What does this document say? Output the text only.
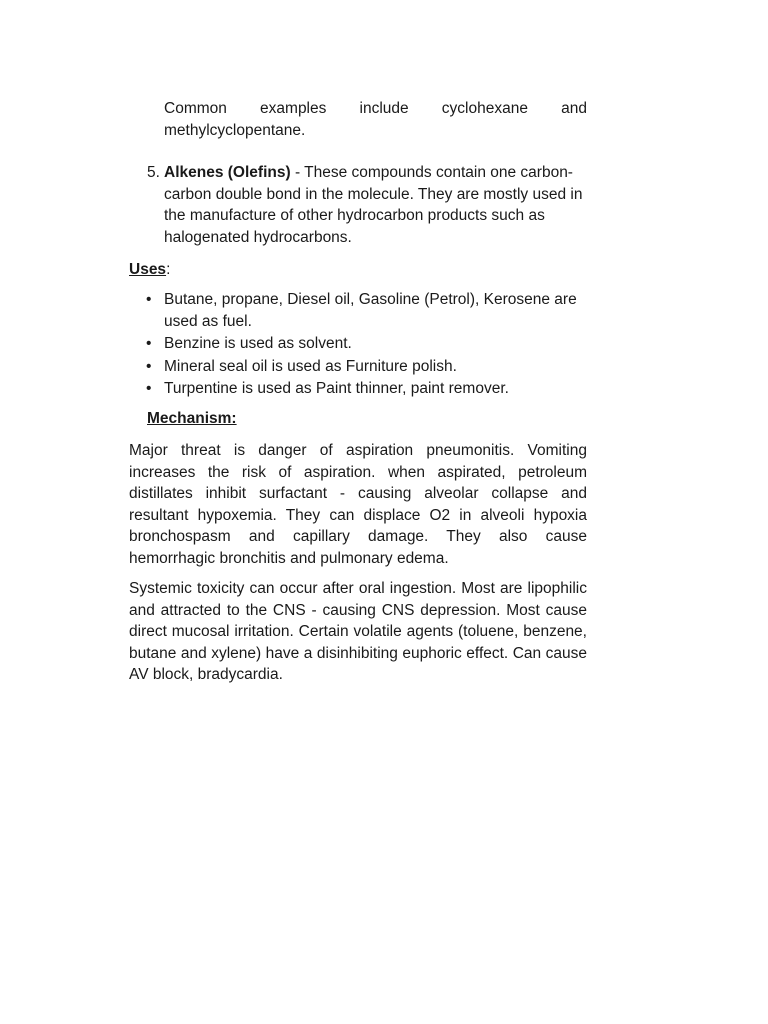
Common examples include cyclohexane and
methylcyclopentane.

5. Alkenes (Olefins) - These compounds contain one carbon-carbon double bond in the molecule. They are mostly used in the manufacture of other hydrocarbon products such as halogenated hydrocarbons.

Uses:

• Butane, propane, Diesel oil, Gasoline (Petrol), Kerosene are used as fuel.
• Benzine is used as solvent.
• Mineral seal oil is used as Furniture polish.
• Turpentine is used as Paint thinner, paint remover.

Mechanism:

Major threat is danger of aspiration pneumonitis. Vomiting increases the risk of aspiration. when aspirated, petroleum distillates inhibit surfactant - causing alveolar collapse and resultant hypoxemia. They can displace O2 in alveoli hypoxia bronchospasm and capillary damage. They also cause hemorrhagic bronchitis and pulmonary edema.

Systemic toxicity can occur after oral ingestion. Most are lipophilic and attracted to the CNS - causing CNS depression. Most cause direct mucosal irritation. Certain volatile agents (toluene, benzene, butane and xylene) have a disinhibiting euphoric effect. Can cause AV block, bradycardia.
